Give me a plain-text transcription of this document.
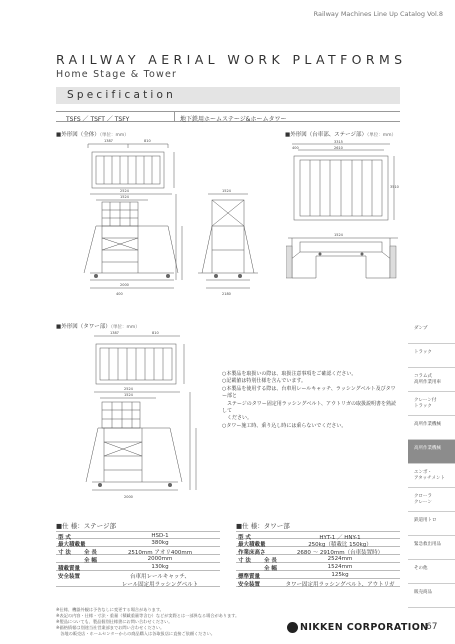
Railway Machines Line Up Catalog Vol.8
RAILWAY AERIAL WORK PLATFORMS
Home Stage & Tower
Specification
TSFS ／ TSFT ／ TSFY	地下鉄用ホームステージ&ホームタワー
■外形図（全体）（単位：mm）	■外形図（台車部、ステージ部）（単位：mm）
1387	810
2524
1524
2000
1524
400	2180
3315
2610
400
1524
3510
■外形図（タワー部）（単位：mm）
1387	810
2524
1524
2000
○本製品を取扱いの際は、取扱注意事項をご確認ください。
○記載値は特別仕様を含んでいます。
○本製品を使用する際は、台車用レールキャッチ、ラッシングベルト及びタワー部と
　ステージのタワー固定用ラッシングベルト、アウトリガの取扱説明書を熟読して
　ください。
○タワー施工時、乗り込し時には乗らないでください。
ダンプ
トラック
コラム式
高所作業用車
クレーン付
トラック
高所作業機械
高所作業機械
ユンボ・
アタッチメント
クローラ
クレーン
鉄道用トロ
緊急救出用品
その他
販売商品
■仕 様：ステージ部
型 式	HSD-1
最大積載量	380kg
寸 法 全 長	2510mm アオリ400mm
全 幅	2000mm
積載質量	130kg
安全装置	台車用レールキャッチ、
レール固定用ラッシングベルト
■仕 様：タワー部
型 式	HYT-1 ／ HNY-1
最大積載量	250kg（積載比 150kg）
作業床高さ	2680 ～ 2910mm（台車装置時）
寸 法 全 長	2524mm
全 幅	1524mm
標準質量	125kg
安全装置	タワー固定用ラッシングベルト、アウトリガ
※仕様、機器外観は予告なしに変更する場合があります。
※表記の内容・仕様・寸法・重量（積載重量等含む）などが実際とは一部異なる場合があります。
※製品についても、製品個別仕様書にお問い合わせください。
※価格情報は別途当社営業部までお問い合わせください。
　各地の販売店・ホームセンターからの商品購入は各取扱店に直接ご依頼ください。
NIKKEN CORPORATION
67
